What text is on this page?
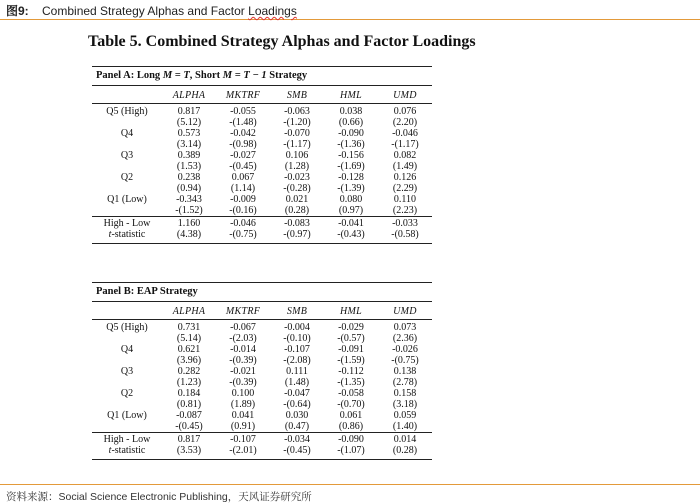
图9: Combined Strategy Alphas and Factor Loadings
Table 5. Combined Strategy Alphas and Factor Loadings
Panel A: Long M = T, Short M = T − 1 Strategy

	ALPHA	MKTRF	SMB	HML	UMD

Q5 (High)	0.817	-0.055	-0.063	0.038	0.076
	(5.12)	-(1.48)	-(1.20)	(0.66)	(2.20)
Q4	0.573	-0.042	-0.070	-0.090	-0.046
	(3.14)	-(0.98)	-(1.17)	-(1.36)	-(1.17)
Q3	0.389	-0.027	0.106	-0.156	0.082
	(1.53)	-(0.45)	(1.28)	-(1.69)	(1.49)
Q2	0.238	0.067	-0.023	-0.128	0.126
	(0.94)	(1.14)	-(0.28)	-(1.39)	(2.29)
Q1 (Low)	-0.343	-0.009	0.021	0.080	0.110
	-(1.52)	-(0.16)	(0.28)	(0.97)	(2.23)

High - Low	1.160	-0.046	-0.083	-0.041	-0.033
t-statistic	(4.38)	-(0.75)	-(0.97)	-(0.43)	-(0.58)
Panel B: EAP Strategy

	ALPHA	MKTRF	SMB	HML	UMD

Q5 (High)	0.731	-0.067	-0.004	-0.029	0.073
	(5.14)	-(2.03)	-(0.10)	-(0.57)	(2.36)
Q4	0.621	-0.014	-0.107	-0.091	-0.026
	(3.96)	-(0.39)	-(2.08)	-(1.59)	-(0.75)
Q3	0.282	-0.021	0.111	-0.112	0.138
	(1.23)	-(0.39)	(1.48)	-(1.35)	(2.78)
Q2	0.184	0.100	-0.047	-0.058	0.158
	(0.81)	(1.89)	-(0.64)	-(0.70)	(3.18)
Q1 (Low)	-0.087	0.041	0.030	0.061	0.059
	-(0.45)	(0.91)	(0.47)	(0.86)	(1.40)

High - Low	0.817	-0.107	-0.034	-0.090	0.014
t-statistic	(3.53)	-(2.01)	-(0.45)	-(1.07)	(0.28)
资料来源：Social Science Electronic Publishing，天风证券研究所
